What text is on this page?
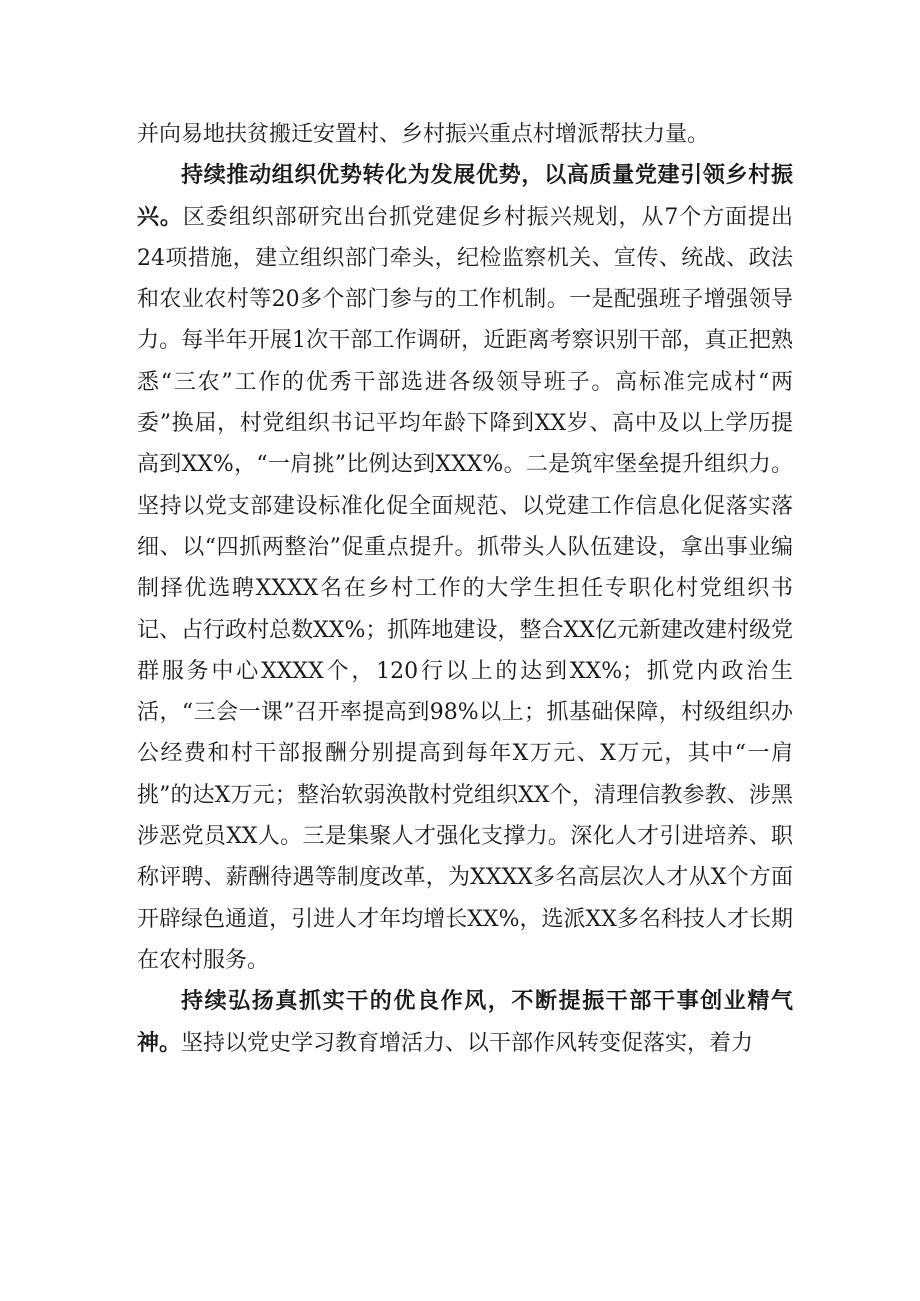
并向易地扶贫搬迁安置村、乡村振兴重点村增派帮扶力量。

持续推动组织优势转化为发展优势，以高质量党建引领乡村振兴。区委组织部研究出台抓党建促乡村振兴规划，从7个方面提出24项措施，建立组织部门牵头，纪检监察机关、宣传、统战、政法和农业农村等20多个部门参与的工作机制。一是配强班子增强领导力。每半年开展1次干部工作调研，近距离考察识别干部，真正把熟悉“三农”工作的优秀干部选进各级领导班子。高标准完成村“两委”换届，村党组织书记平均年龄下降到XX岁、高中及以上学历提高到XX%，“一肩挑”比例达到XXX%。二是筑牢堡垒提升组织力。坚持以党支部建设标准化促全面规范、以党建工作信息化促落实落细、以“四抓两整治”促重点提升。抓带头人队伍建设，拿出事业编制择优选聘XXXX名在乡村工作的大学生担任专职化村党组织书记、占行政村总数XX%；抓阵地建设，整合XX亿元新建改建村级党群服务中心XXXX个，120行以上的达到XX%；抓党内政治生活，“三会一课”召开率提高到98%以上；抓基础保障，村级组织办公经费和村干部报酬分别提高到每年X万元、X万元，其中“一肩挑”的达X万元；整治软弱涣散村党组织XX个，清理信教参教、涉黑涉恶党员XX人。三是集聚人才强化支撑力。深化人才引进培养、职称评聘、薪酬待遇等制度改革，为XXXX多名高层次人才从X个方面开辟绿色通道，引进人才年均增长XX%，选派XX多名科技人才长期在农村服务。

持续弘扬真抓实干的优良作风，不断提振干部干事创业精气神。坚持以党史学习教育增活力、以干部作风转变促落实，着力
